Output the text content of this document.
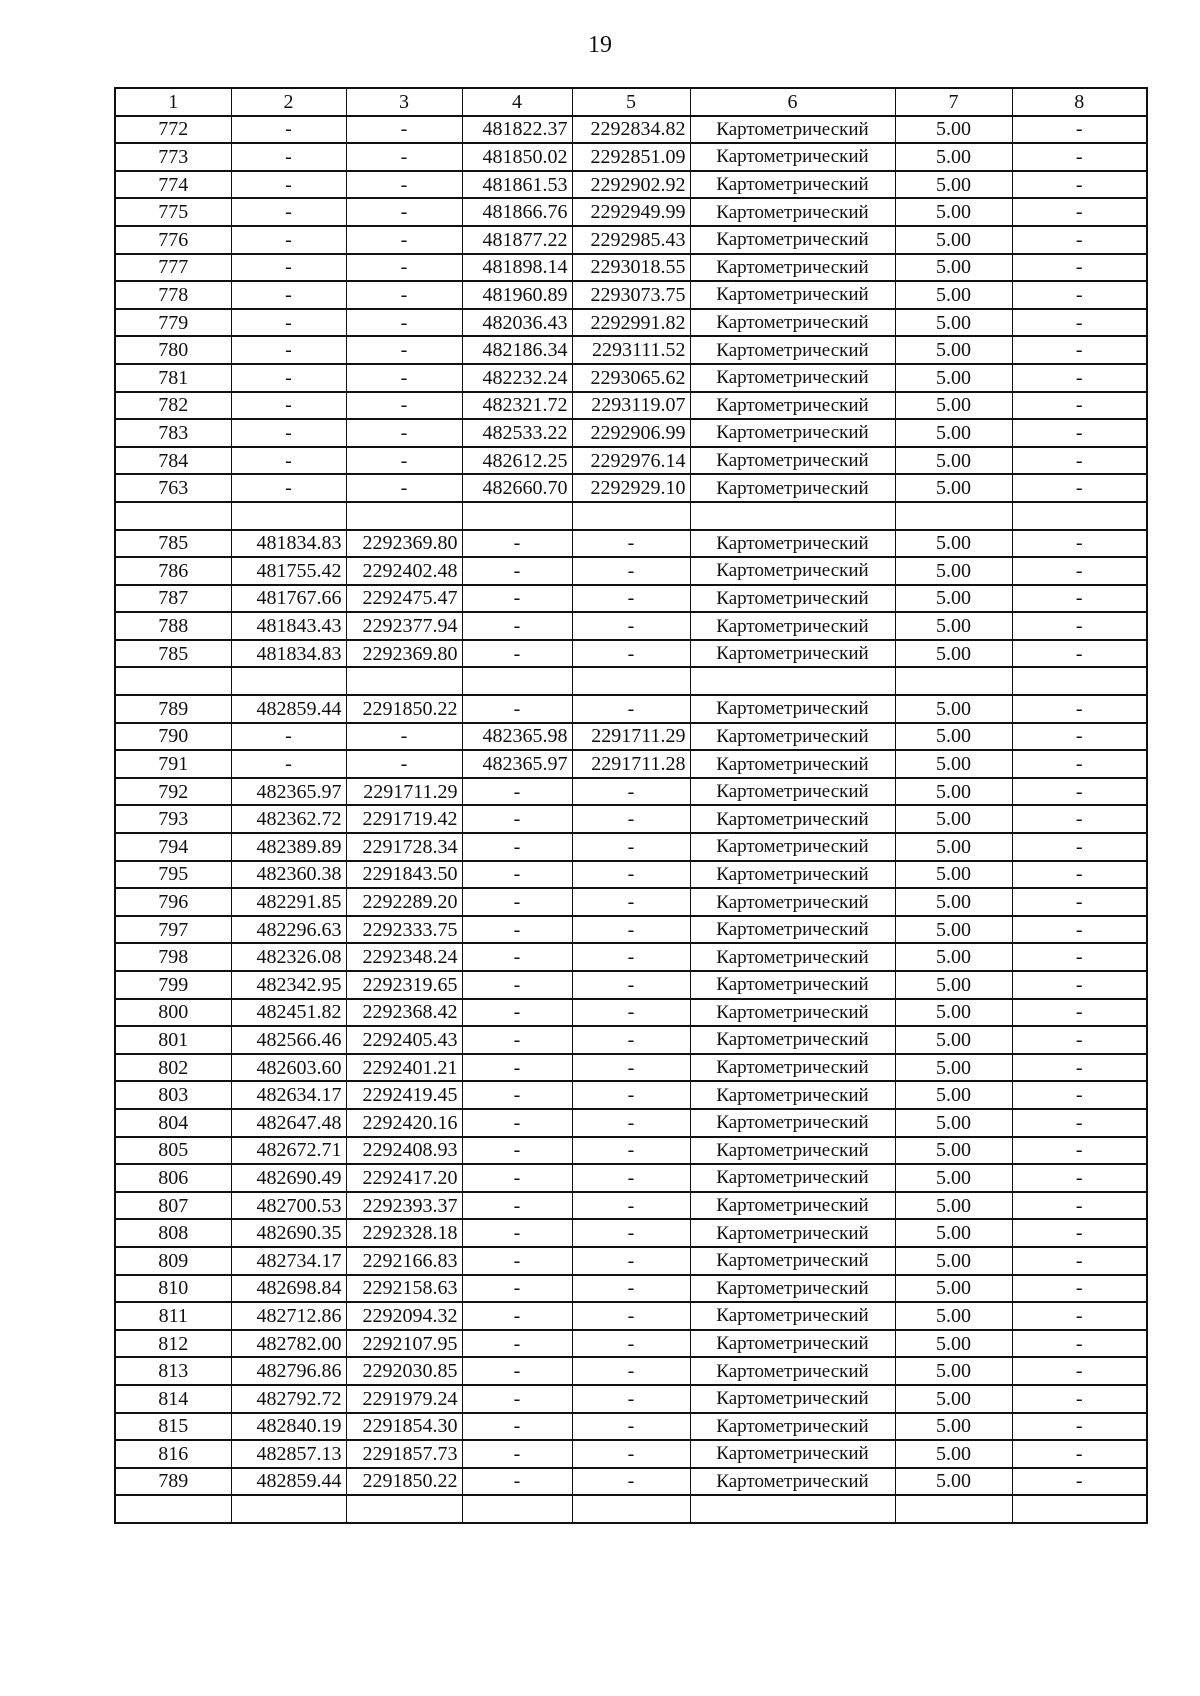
19
1	2	3	4	5	6	7	8
772	-	-	481822.37	2292834.82	Картометрический	5.00	-
773	-	-	481850.02	2292851.09	Картометрический	5.00	-
774	-	-	481861.53	2292902.92	Картометрический	5.00	-
775	-	-	481866.76	2292949.99	Картометрический	5.00	-
776	-	-	481877.22	2292985.43	Картометрический	5.00	-
777	-	-	481898.14	2293018.55	Картометрический	5.00	-
778	-	-	481960.89	2293073.75	Картометрический	5.00	-
779	-	-	482036.43	2292991.82	Картометрический	5.00	-
780	-	-	482186.34	2293111.52	Картометрический	5.00	-
781	-	-	482232.24	2293065.62	Картометрический	5.00	-
782	-	-	482321.72	2293119.07	Картометрический	5.00	-
783	-	-	482533.22	2292906.99	Картометрический	5.00	-
784	-	-	482612.25	2292976.14	Картометрический	5.00	-
763	-	-	482660.70	2292929.10	Картометрический	5.00	-

785	481834.83	2292369.80	-	-	Картометрический	5.00	-
786	481755.42	2292402.48	-	-	Картометрический	5.00	-
787	481767.66	2292475.47	-	-	Картометрический	5.00	-
788	481843.43	2292377.94	-	-	Картометрический	5.00	-
785	481834.83	2292369.80	-	-	Картометрический	5.00	-

789	482859.44	2291850.22	-	-	Картометрический	5.00	-
790	-	-	482365.98	2291711.29	Картометрический	5.00	-
791	-	-	482365.97	2291711.28	Картометрический	5.00	-
792	482365.97	2291711.29	-	-	Картометрический	5.00	-
793	482362.72	2291719.42	-	-	Картометрический	5.00	-
794	482389.89	2291728.34	-	-	Картометрический	5.00	-
795	482360.38	2291843.50	-	-	Картометрический	5.00	-
796	482291.85	2292289.20	-	-	Картометрический	5.00	-
797	482296.63	2292333.75	-	-	Картометрический	5.00	-
798	482326.08	2292348.24	-	-	Картометрический	5.00	-
799	482342.95	2292319.65	-	-	Картометрический	5.00	-
800	482451.82	2292368.42	-	-	Картометрический	5.00	-
801	482566.46	2292405.43	-	-	Картометрический	5.00	-
802	482603.60	2292401.21	-	-	Картометрический	5.00	-
803	482634.17	2292419.45	-	-	Картометрический	5.00	-
804	482647.48	2292420.16	-	-	Картометрический	5.00	-
805	482672.71	2292408.93	-	-	Картометрический	5.00	-
806	482690.49	2292417.20	-	-	Картометрический	5.00	-
807	482700.53	2292393.37	-	-	Картометрический	5.00	-
808	482690.35	2292328.18	-	-	Картометрический	5.00	-
809	482734.17	2292166.83	-	-	Картометрический	5.00	-
810	482698.84	2292158.63	-	-	Картометрический	5.00	-
811	482712.86	2292094.32	-	-	Картометрический	5.00	-
812	482782.00	2292107.95	-	-	Картометрический	5.00	-
813	482796.86	2292030.85	-	-	Картометрический	5.00	-
814	482792.72	2291979.24	-	-	Картометрический	5.00	-
815	482840.19	2291854.30	-	-	Картометрический	5.00	-
816	482857.13	2291857.73	-	-	Картометрический	5.00	-
789	482859.44	2291850.22	-	-	Картометрический	5.00	-
